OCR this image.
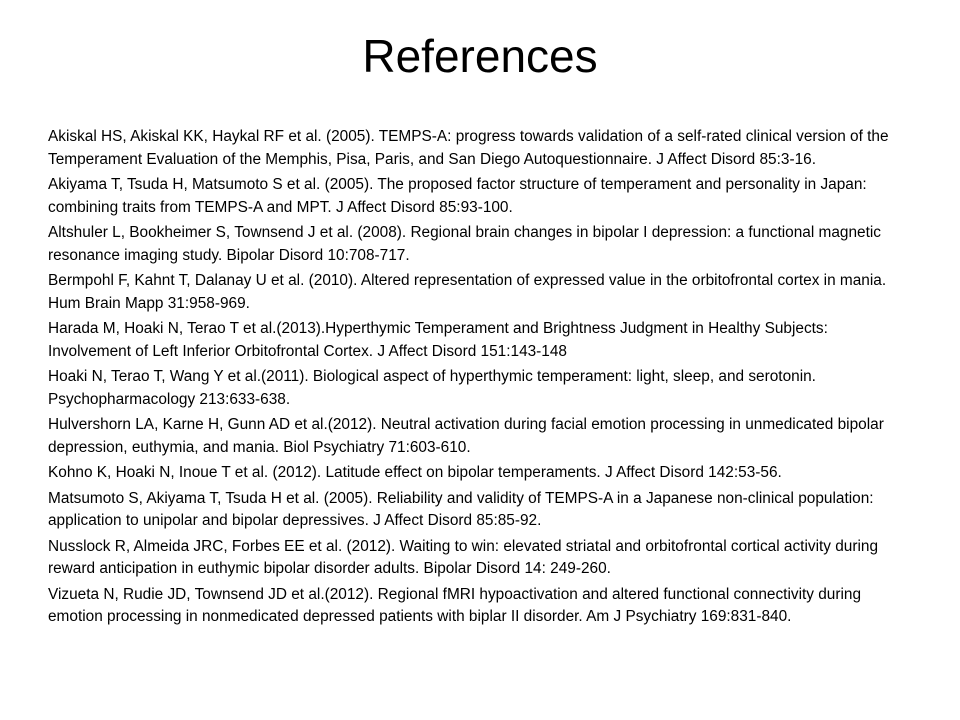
References
Akiskal HS, Akiskal KK, Haykal RF et al. (2005). TEMPS-A: progress towards validation of a self-rated clinical version of the Temperament Evaluation of the Memphis, Pisa, Paris, and San Diego Autoquestionnaire. J Affect Disord 85:3-16.
Akiyama T, Tsuda H, Matsumoto S et al. (2005). The proposed factor structure of temperament and personality in Japan: combining traits from TEMPS-A and MPT. J Affect Disord 85:93-100.
Altshuler L, Bookheimer S, Townsend J et al. (2008). Regional brain changes in bipolar I depression: a functional magnetic resonance imaging study. Bipolar Disord 10:708-717.
Bermpohl F, Kahnt T, Dalanay U et al. (2010). Altered representation of expressed value in the orbitofrontal cortex in mania. Hum Brain Mapp 31:958-969.
Harada M, Hoaki N, Terao T et al.(2013).Hyperthymic Temperament and Brightness Judgment in Healthy Subjects: Involvement of Left Inferior Orbitofrontal Cortex. J Affect Disord 151:143-148
Hoaki N, Terao T, Wang Y et al.(2011). Biological aspect of hyperthymic temperament: light, sleep, and serotonin. Psychopharmacology 213:633-638.
Hulvershorn LA, Karne H, Gunn AD et al.(2012). Neutral activation during facial emotion processing in unmedicated bipolar depression, euthymia, and mania. Biol Psychiatry 71:603-610.
Kohno K, Hoaki N, Inoue T et al. (2012). Latitude effect on bipolar temperaments. J Affect Disord 142:53-56.
Matsumoto S, Akiyama T, Tsuda H et al. (2005). Reliability and validity of TEMPS-A in a Japanese non-clinical population: application to unipolar and bipolar depressives. J Affect Disord 85:85-92.
Nusslock R, Almeida JRC, Forbes EE et al. (2012). Waiting to win: elevated striatal and orbitofrontal cortical activity during reward anticipation in euthymic bipolar disorder adults. Bipolar Disord 14: 249-260.
Vizueta N, Rudie JD, Townsend JD et al.(2012). Regional fMRI hypoactivation and altered functional connectivity during emotion processing in nonmedicated depressed patients with biplar II disorder. Am J Psychiatry 169:831-840.
